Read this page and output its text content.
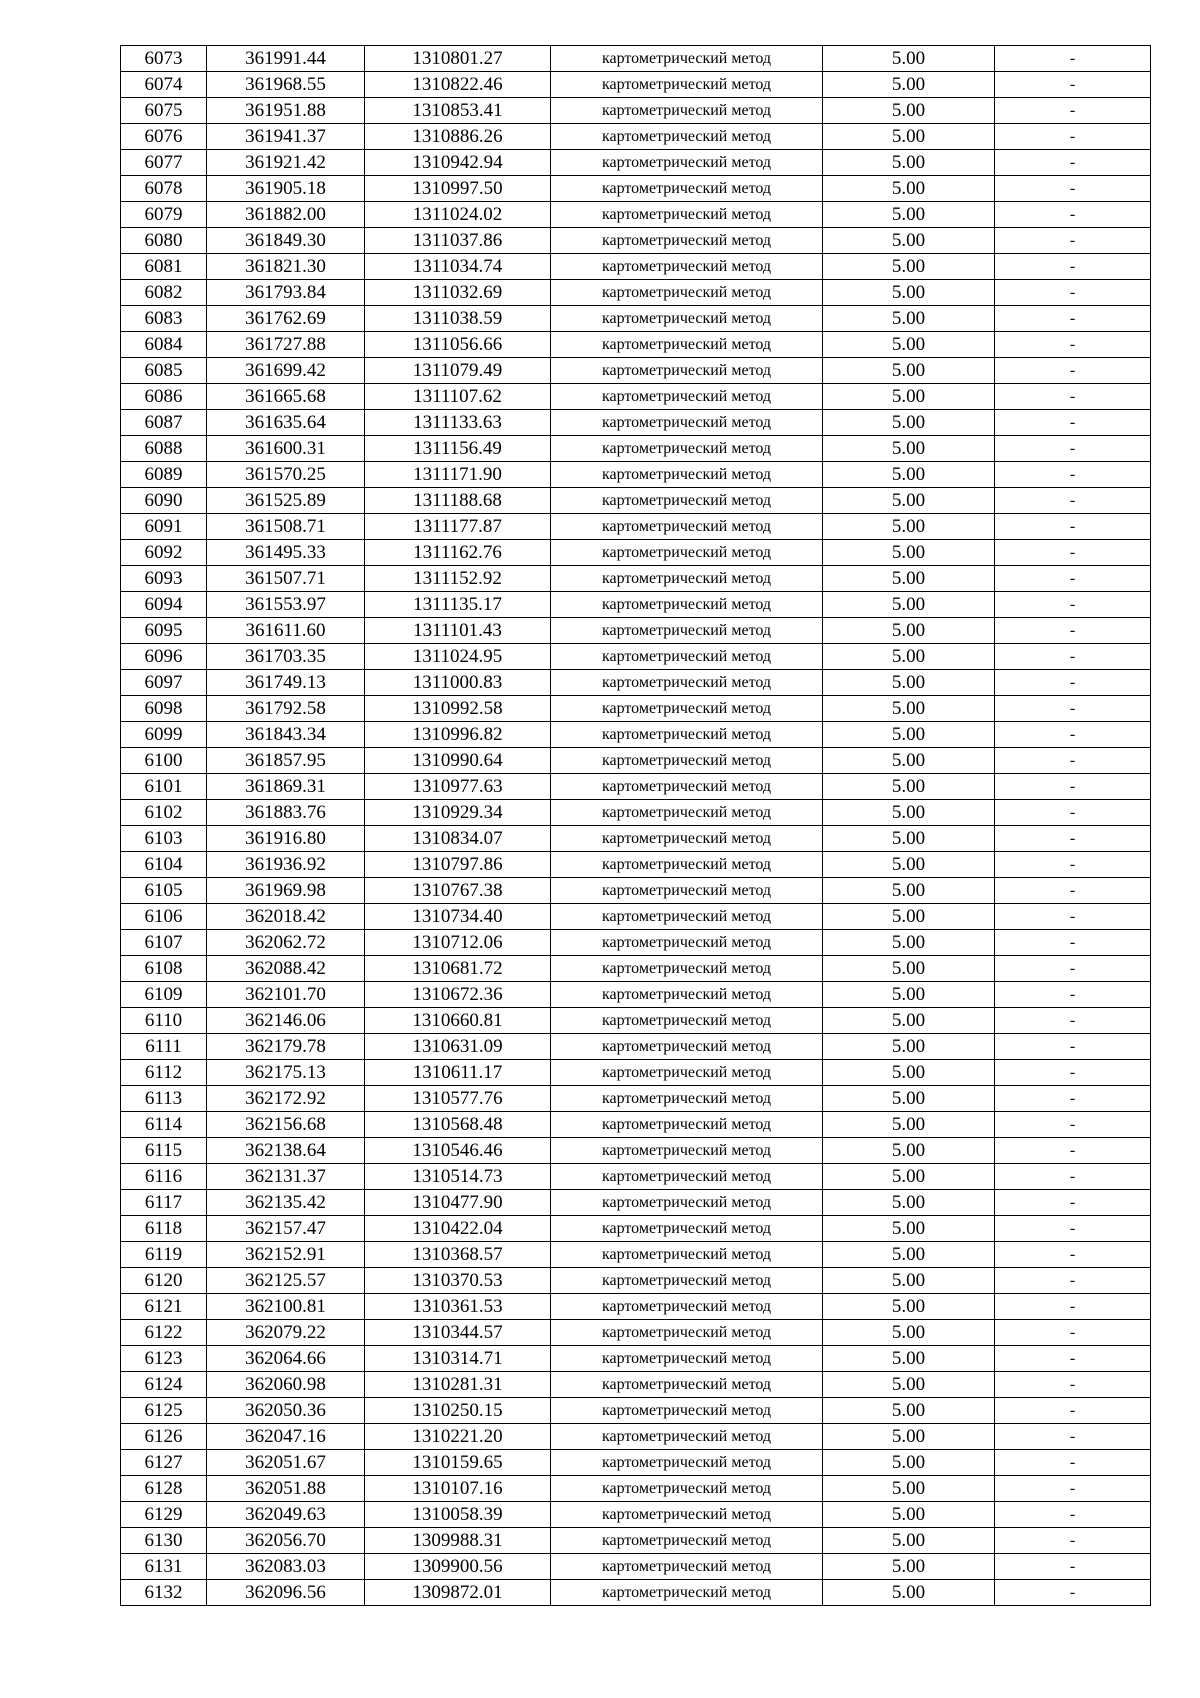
6073	361991.44	1310801.27	картометрический метод	5.00	-
6074	361968.55	1310822.46	картометрический метод	5.00	-
6075	361951.88	1310853.41	картометрический метод	5.00	-
6076	361941.37	1310886.26	картометрический метод	5.00	-
6077	361921.42	1310942.94	картометрический метод	5.00	-
6078	361905.18	1310997.50	картометрический метод	5.00	-
6079	361882.00	1311024.02	картометрический метод	5.00	-
6080	361849.30	1311037.86	картометрический метод	5.00	-
6081	361821.30	1311034.74	картометрический метод	5.00	-
6082	361793.84	1311032.69	картометрический метод	5.00	-
6083	361762.69	1311038.59	картометрический метод	5.00	-
6084	361727.88	1311056.66	картометрический метод	5.00	-
6085	361699.42	1311079.49	картометрический метод	5.00	-
6086	361665.68	1311107.62	картометрический метод	5.00	-
6087	361635.64	1311133.63	картометрический метод	5.00	-
6088	361600.31	1311156.49	картометрический метод	5.00	-
6089	361570.25	1311171.90	картометрический метод	5.00	-
6090	361525.89	1311188.68	картометрический метод	5.00	-
6091	361508.71	1311177.87	картометрический метод	5.00	-
6092	361495.33	1311162.76	картометрический метод	5.00	-
6093	361507.71	1311152.92	картометрический метод	5.00	-
6094	361553.97	1311135.17	картометрический метод	5.00	-
6095	361611.60	1311101.43	картометрический метод	5.00	-
6096	361703.35	1311024.95	картометрический метод	5.00	-
6097	361749.13	1311000.83	картометрический метод	5.00	-
6098	361792.58	1310992.58	картометрический метод	5.00	-
6099	361843.34	1310996.82	картометрический метод	5.00	-
6100	361857.95	1310990.64	картометрический метод	5.00	-
6101	361869.31	1310977.63	картометрический метод	5.00	-
6102	361883.76	1310929.34	картометрический метод	5.00	-
6103	361916.80	1310834.07	картометрический метод	5.00	-
6104	361936.92	1310797.86	картометрический метод	5.00	-
6105	361969.98	1310767.38	картометрический метод	5.00	-
6106	362018.42	1310734.40	картометрический метод	5.00	-
6107	362062.72	1310712.06	картометрический метод	5.00	-
6108	362088.42	1310681.72	картометрический метод	5.00	-
6109	362101.70	1310672.36	картометрический метод	5.00	-
6110	362146.06	1310660.81	картометрический метод	5.00	-
6111	362179.78	1310631.09	картометрический метод	5.00	-
6112	362175.13	1310611.17	картометрический метод	5.00	-
6113	362172.92	1310577.76	картометрический метод	5.00	-
6114	362156.68	1310568.48	картометрический метод	5.00	-
6115	362138.64	1310546.46	картометрический метод	5.00	-
6116	362131.37	1310514.73	картометрический метод	5.00	-
6117	362135.42	1310477.90	картометрический метод	5.00	-
6118	362157.47	1310422.04	картометрический метод	5.00	-
6119	362152.91	1310368.57	картометрический метод	5.00	-
6120	362125.57	1310370.53	картометрический метод	5.00	-
6121	362100.81	1310361.53	картометрический метод	5.00	-
6122	362079.22	1310344.57	картометрический метод	5.00	-
6123	362064.66	1310314.71	картометрический метод	5.00	-
6124	362060.98	1310281.31	картометрический метод	5.00	-
6125	362050.36	1310250.15	картометрический метод	5.00	-
6126	362047.16	1310221.20	картометрический метод	5.00	-
6127	362051.67	1310159.65	картометрический метод	5.00	-
6128	362051.88	1310107.16	картометрический метод	5.00	-
6129	362049.63	1310058.39	картометрический метод	5.00	-
6130	362056.70	1309988.31	картометрический метод	5.00	-
6131	362083.03	1309900.56	картометрический метод	5.00	-
6132	362096.56	1309872.01	картометрический метод	5.00	-
